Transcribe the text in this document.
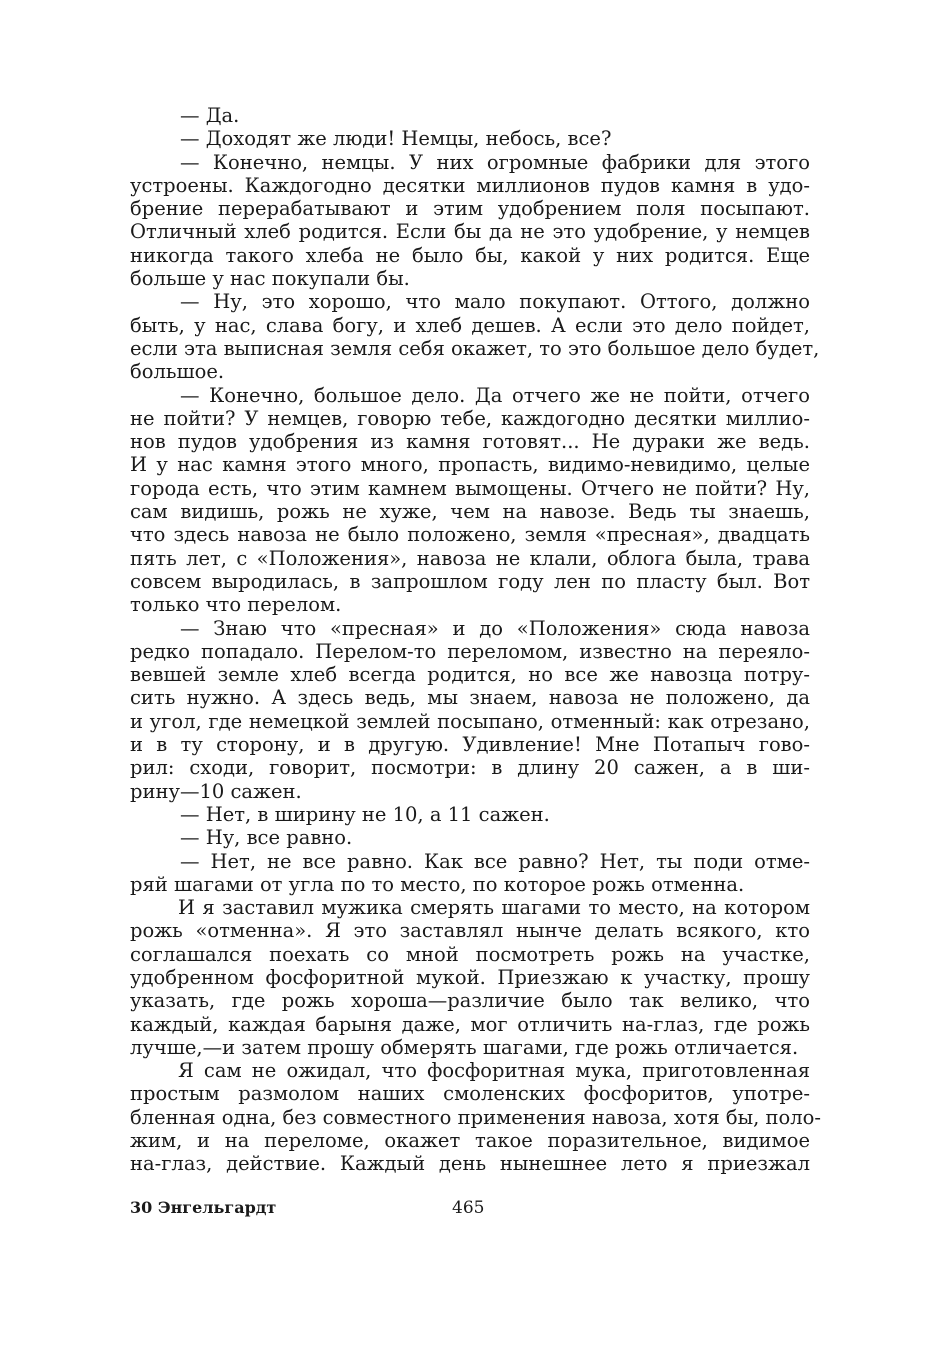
— Да.
— Доходят же люди! Немцы, небось, все?
— Конечно, немцы. У них огромные фабрики для этого
устроены. Каждогодно десятки миллионов пудов камня в удо-
брение перерабатывают и этим удобрением поля посыпают.
Отличный хлеб родится. Если бы да не это удобрение, у немцев
никогда такого хлеба не было бы, какой у них родится. Еще
больше у нас покупали бы.
— Ну, это хорошо, что мало покупают. Оттого, должно
быть, у нас, слава богу, и хлеб дешев. А если это дело пойдет,
если эта выписная земля себя окажет, то это большое дело будет,
большое.
— Конечно, большое дело. Да отчего же не пойти, отчего
не пойти? У немцев, говорю тебе, каждогодно десятки миллио-
нов пудов удобрения из камня готовят... Не дураки же ведь.
И у нас камня этого много, пропасть, видимо-невидимо, целые
города есть, что этим камнем вымощены. Отчего не пойти? Ну,
сам видишь, рожь не хуже, чем на навозе. Ведь ты знаешь,
что здесь навоза не было положено, земля «пресная», двадцать
пять лет, с «Положения», навоза не клали, облога была, трава
совсем выродилась, в запрошлом году лен по пласту был. Вот
только что перелом.
— Знаю что «пресная» и до «Положения» сюда навоза
редко попадало. Перелом-то переломом, известно на переяло-
вевшей земле хлеб всегда родится, но все же навозца потру-
сить нужно. А здесь ведь, мы знаем, навоза не положено, да
и угол, где немецкой землей посыпано, отменный: как отрезано,
и в ту сторону, и в другую. Удивление! Мне Потапыч гово-
рил: сходи, говорит, посмотри: в длину 20 сажен, а в ши-
рину—10 сажен.
— Нет, в ширину не 10, а 11 сажен.
— Ну, все равно.
— Нет, не все равно. Как все равно? Нет, ты поди отме-
ряй шагами от угла по то место, по которое рожь отменна.
И я заставил мужика смерять шагами то место, на котором
рожь «отменна». Я это заставлял нынче делать всякого, кто
соглашался поехать со мной посмотреть рожь на участке,
удобренном фосфоритной мукой. Приезжаю к участку, прошу
указать, где рожь хороша—различие было так велико, что
каждый, каждая барыня даже, мог отличить на-глаз, где рожь
лучше,—и затем прошу обмерять шагами, где рожь отличается.
Я сам не ожидал, что фосфоритная мука, приготовленная
простым размолом наших смоленских фосфоритов, употре-
бленная одна, без совместного применения навоза, хотя бы, поло-
жим, и на переломе, окажет такое поразительное, видимое
на-глаз, действие. Каждый день нынешнее лето я приезжал
30 Энгельгардт	465
